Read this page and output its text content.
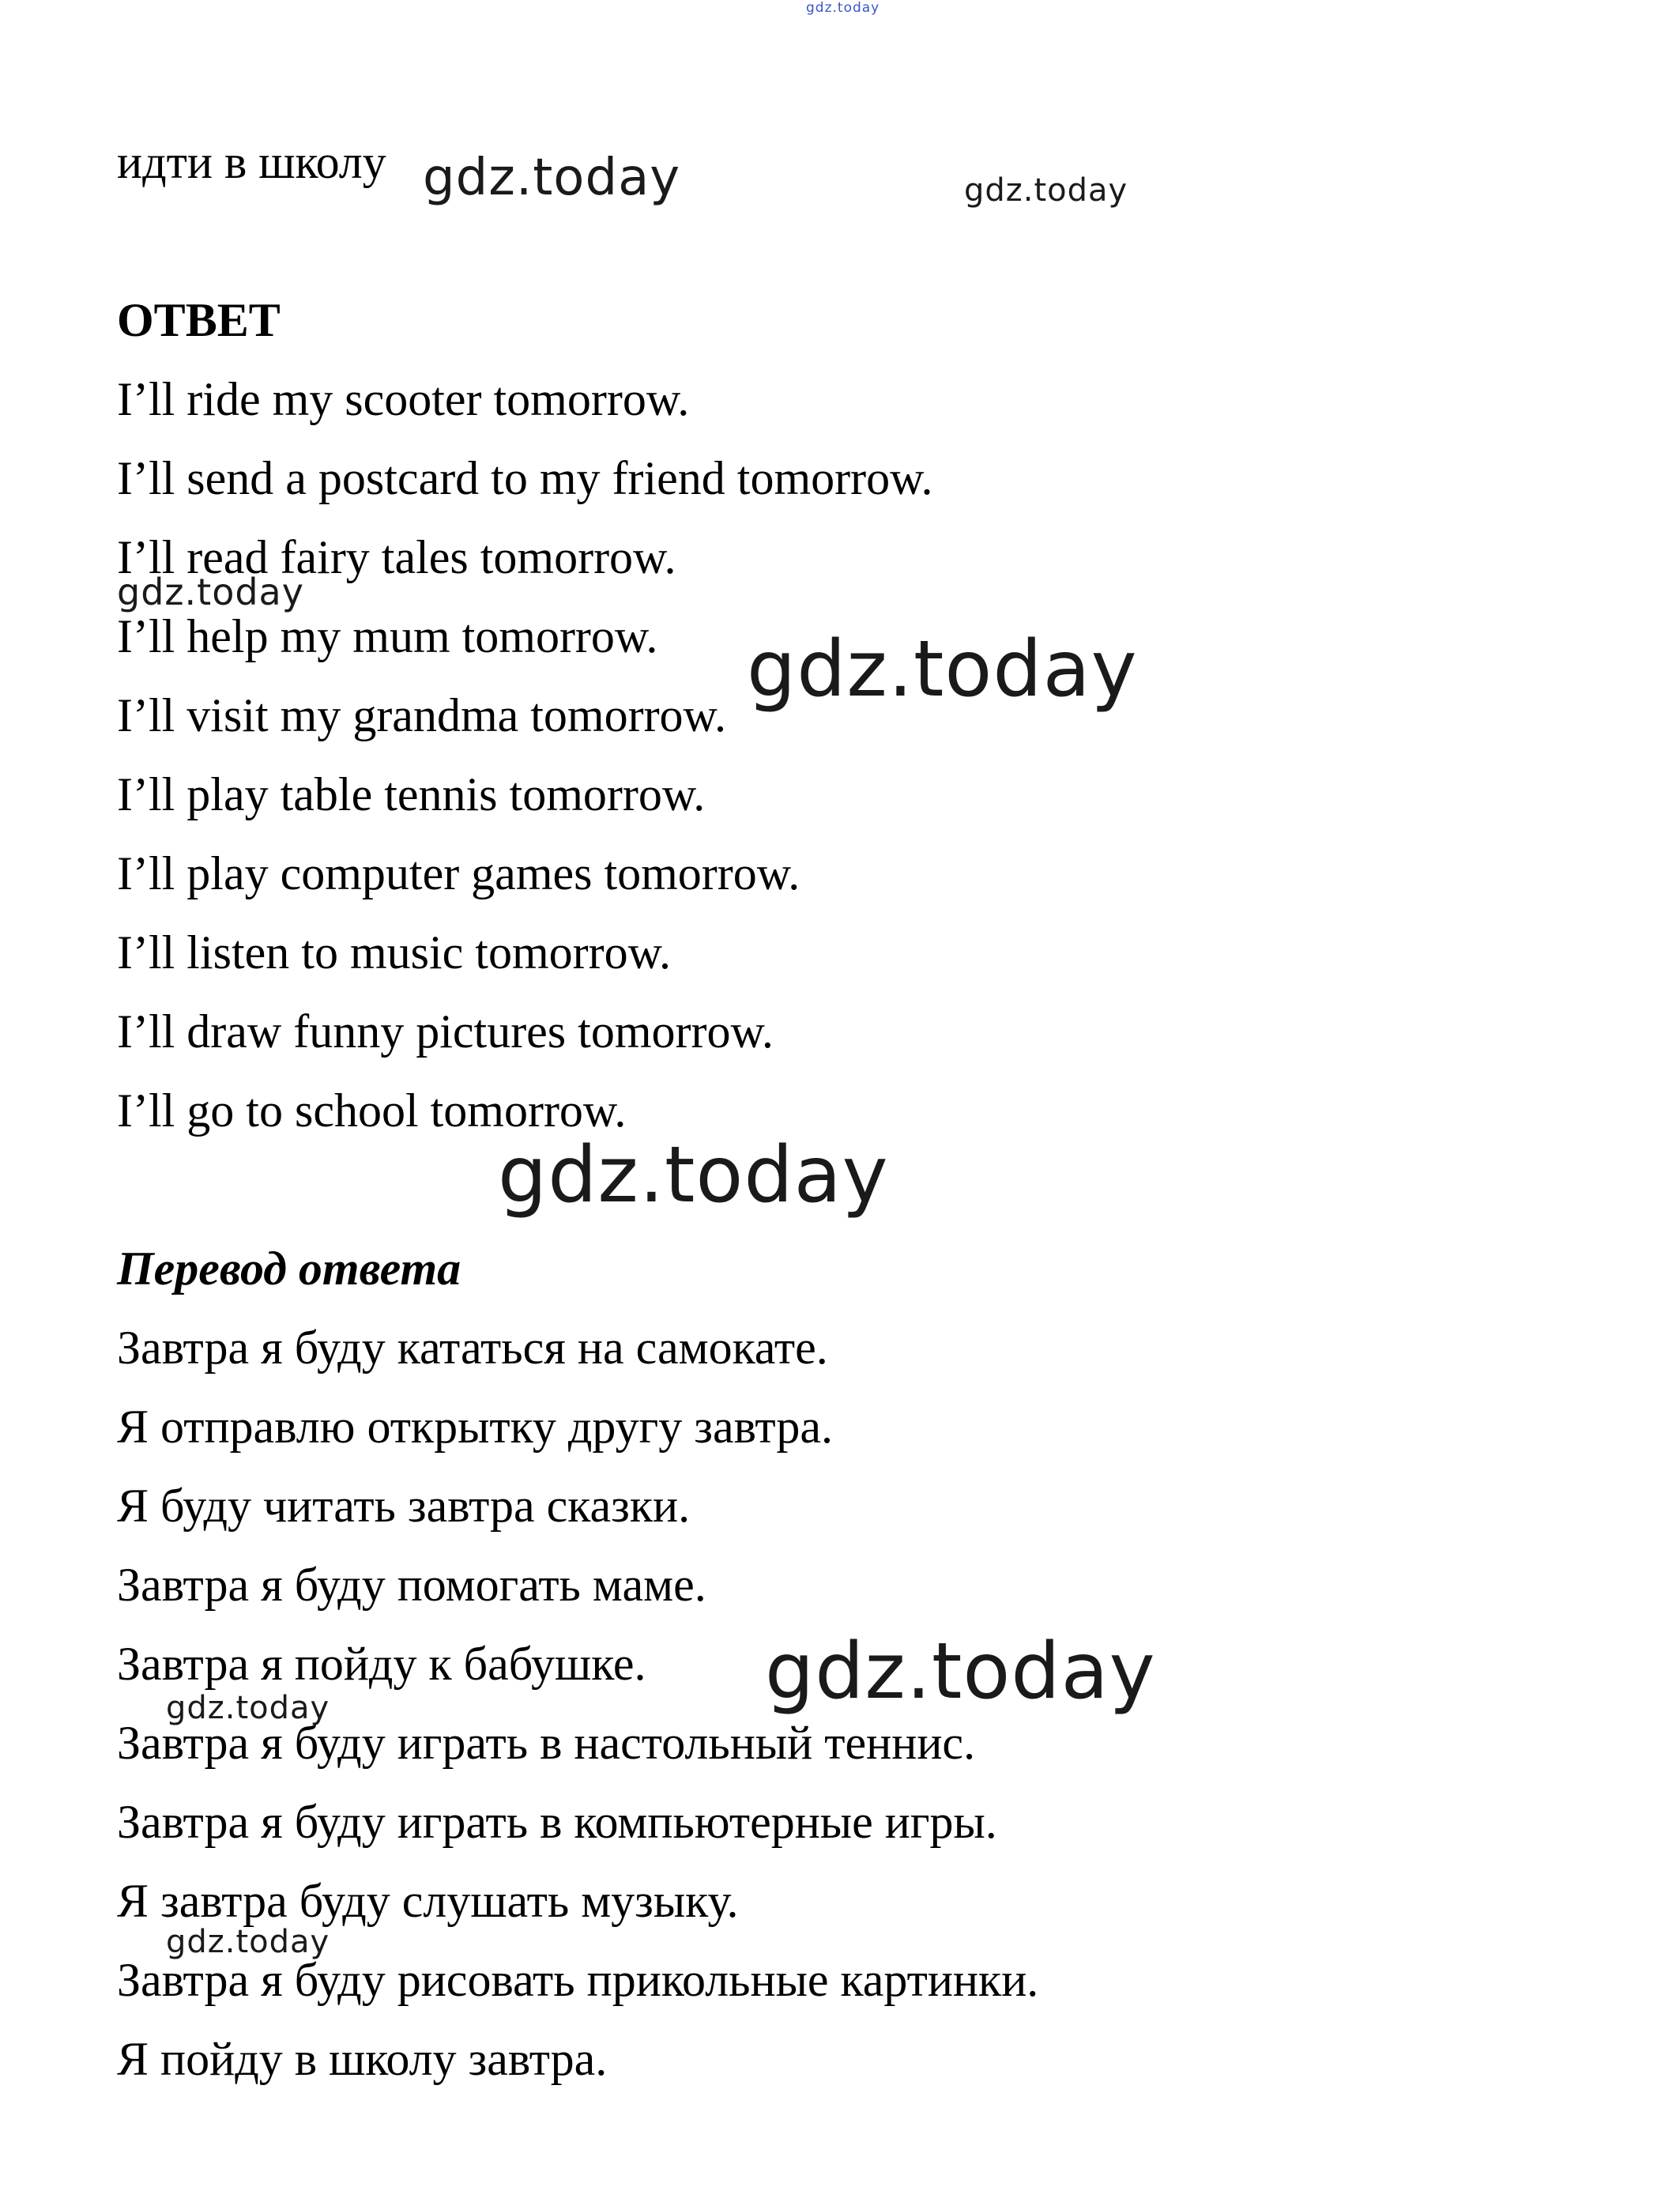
gdz.today
идти в школу
ОТВЕТ
I’ll ride my scooter tomorrow.
I’ll send a postcard to my friend tomorrow.
I’ll read fairy tales tomorrow.
I’ll help my mum tomorrow.
I’ll visit my grandma tomorrow.
I’ll play table tennis tomorrow.
I’ll play computer games tomorrow.
I’ll listen to music tomorrow.
I’ll draw funny pictures tomorrow.
I’ll go to school tomorrow.
Перевод ответа
Завтра я буду кататься на самокате.
Я отправлю открытку другу завтра.
Я буду читать завтра сказки.
Завтра я буду помогать маме.
Завтра я пойду к бабушке.
Завтра я буду играть в настольный теннис.
Завтра я буду играть в компьютерные игры.
Я завтра буду слушать музыку.
Завтра я буду рисовать прикольные картинки.
Я пойду в школу завтра.
gdz.today	gdz.today
gdz.today
gdz.today
gdz.today
gdz.today
gdz.today
gdz.today
